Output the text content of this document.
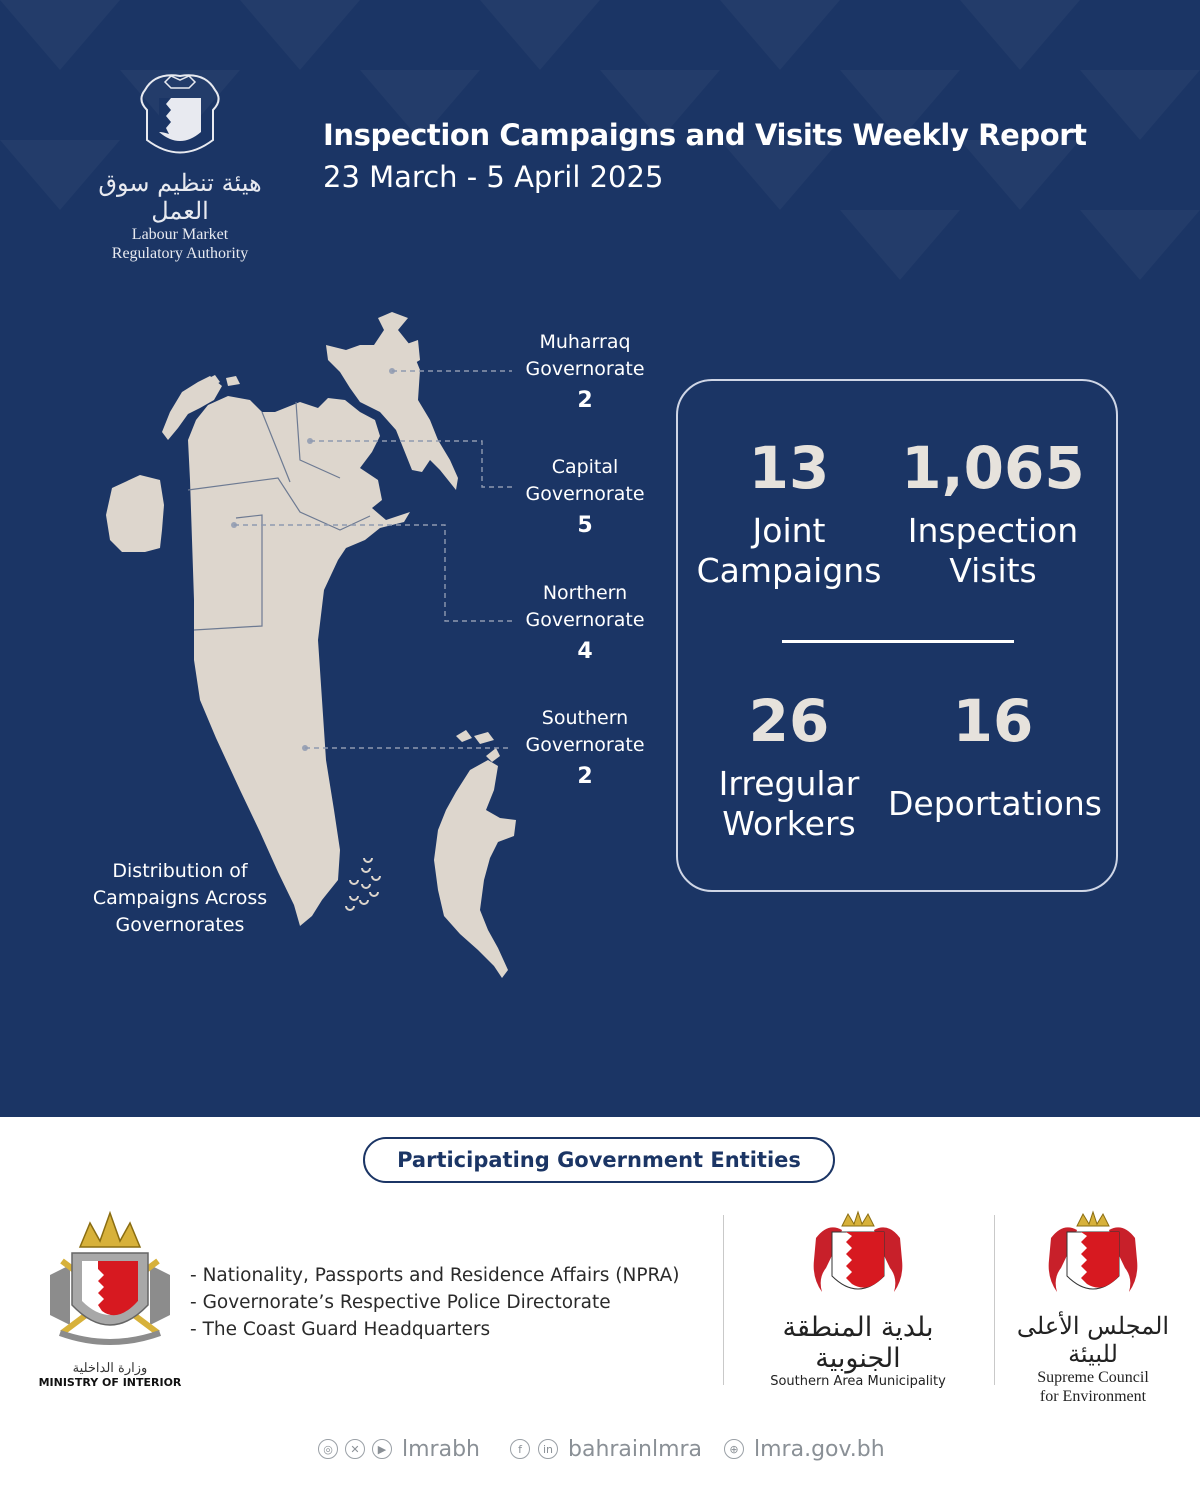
هيئة تنظيم سوق العمل
Labour Market
Regulatory Authority
Inspection Campaigns and Visits Weekly Report
23 March - 5 April 2025
Muharraq
Governorate
2
Capital
Governorate
5
Northern
Governorate
4
Southern
Governorate
2
Distribution of
Campaigns Across
Governorates
13
Joint
Campaigns
1,065
Inspection
Visits
26
Irregular
Workers
16
Deportations
Participating Government Entities
وزارة الداخلية
MINISTRY OF INTERIOR
- Nationality, Passports and Residence Affairs (NPRA)
- Governorate’s Respective Police Directorate
- The Coast Guard Headquarters	بلدية المنطقة الجنوبية
Southern Area Municipality
المجلس الأعلى للبيئة
Supreme Council
for Environment
◎	✕	▶ lmrabh	f	in bahrainlmra	⊕ lmra.gov.bh
